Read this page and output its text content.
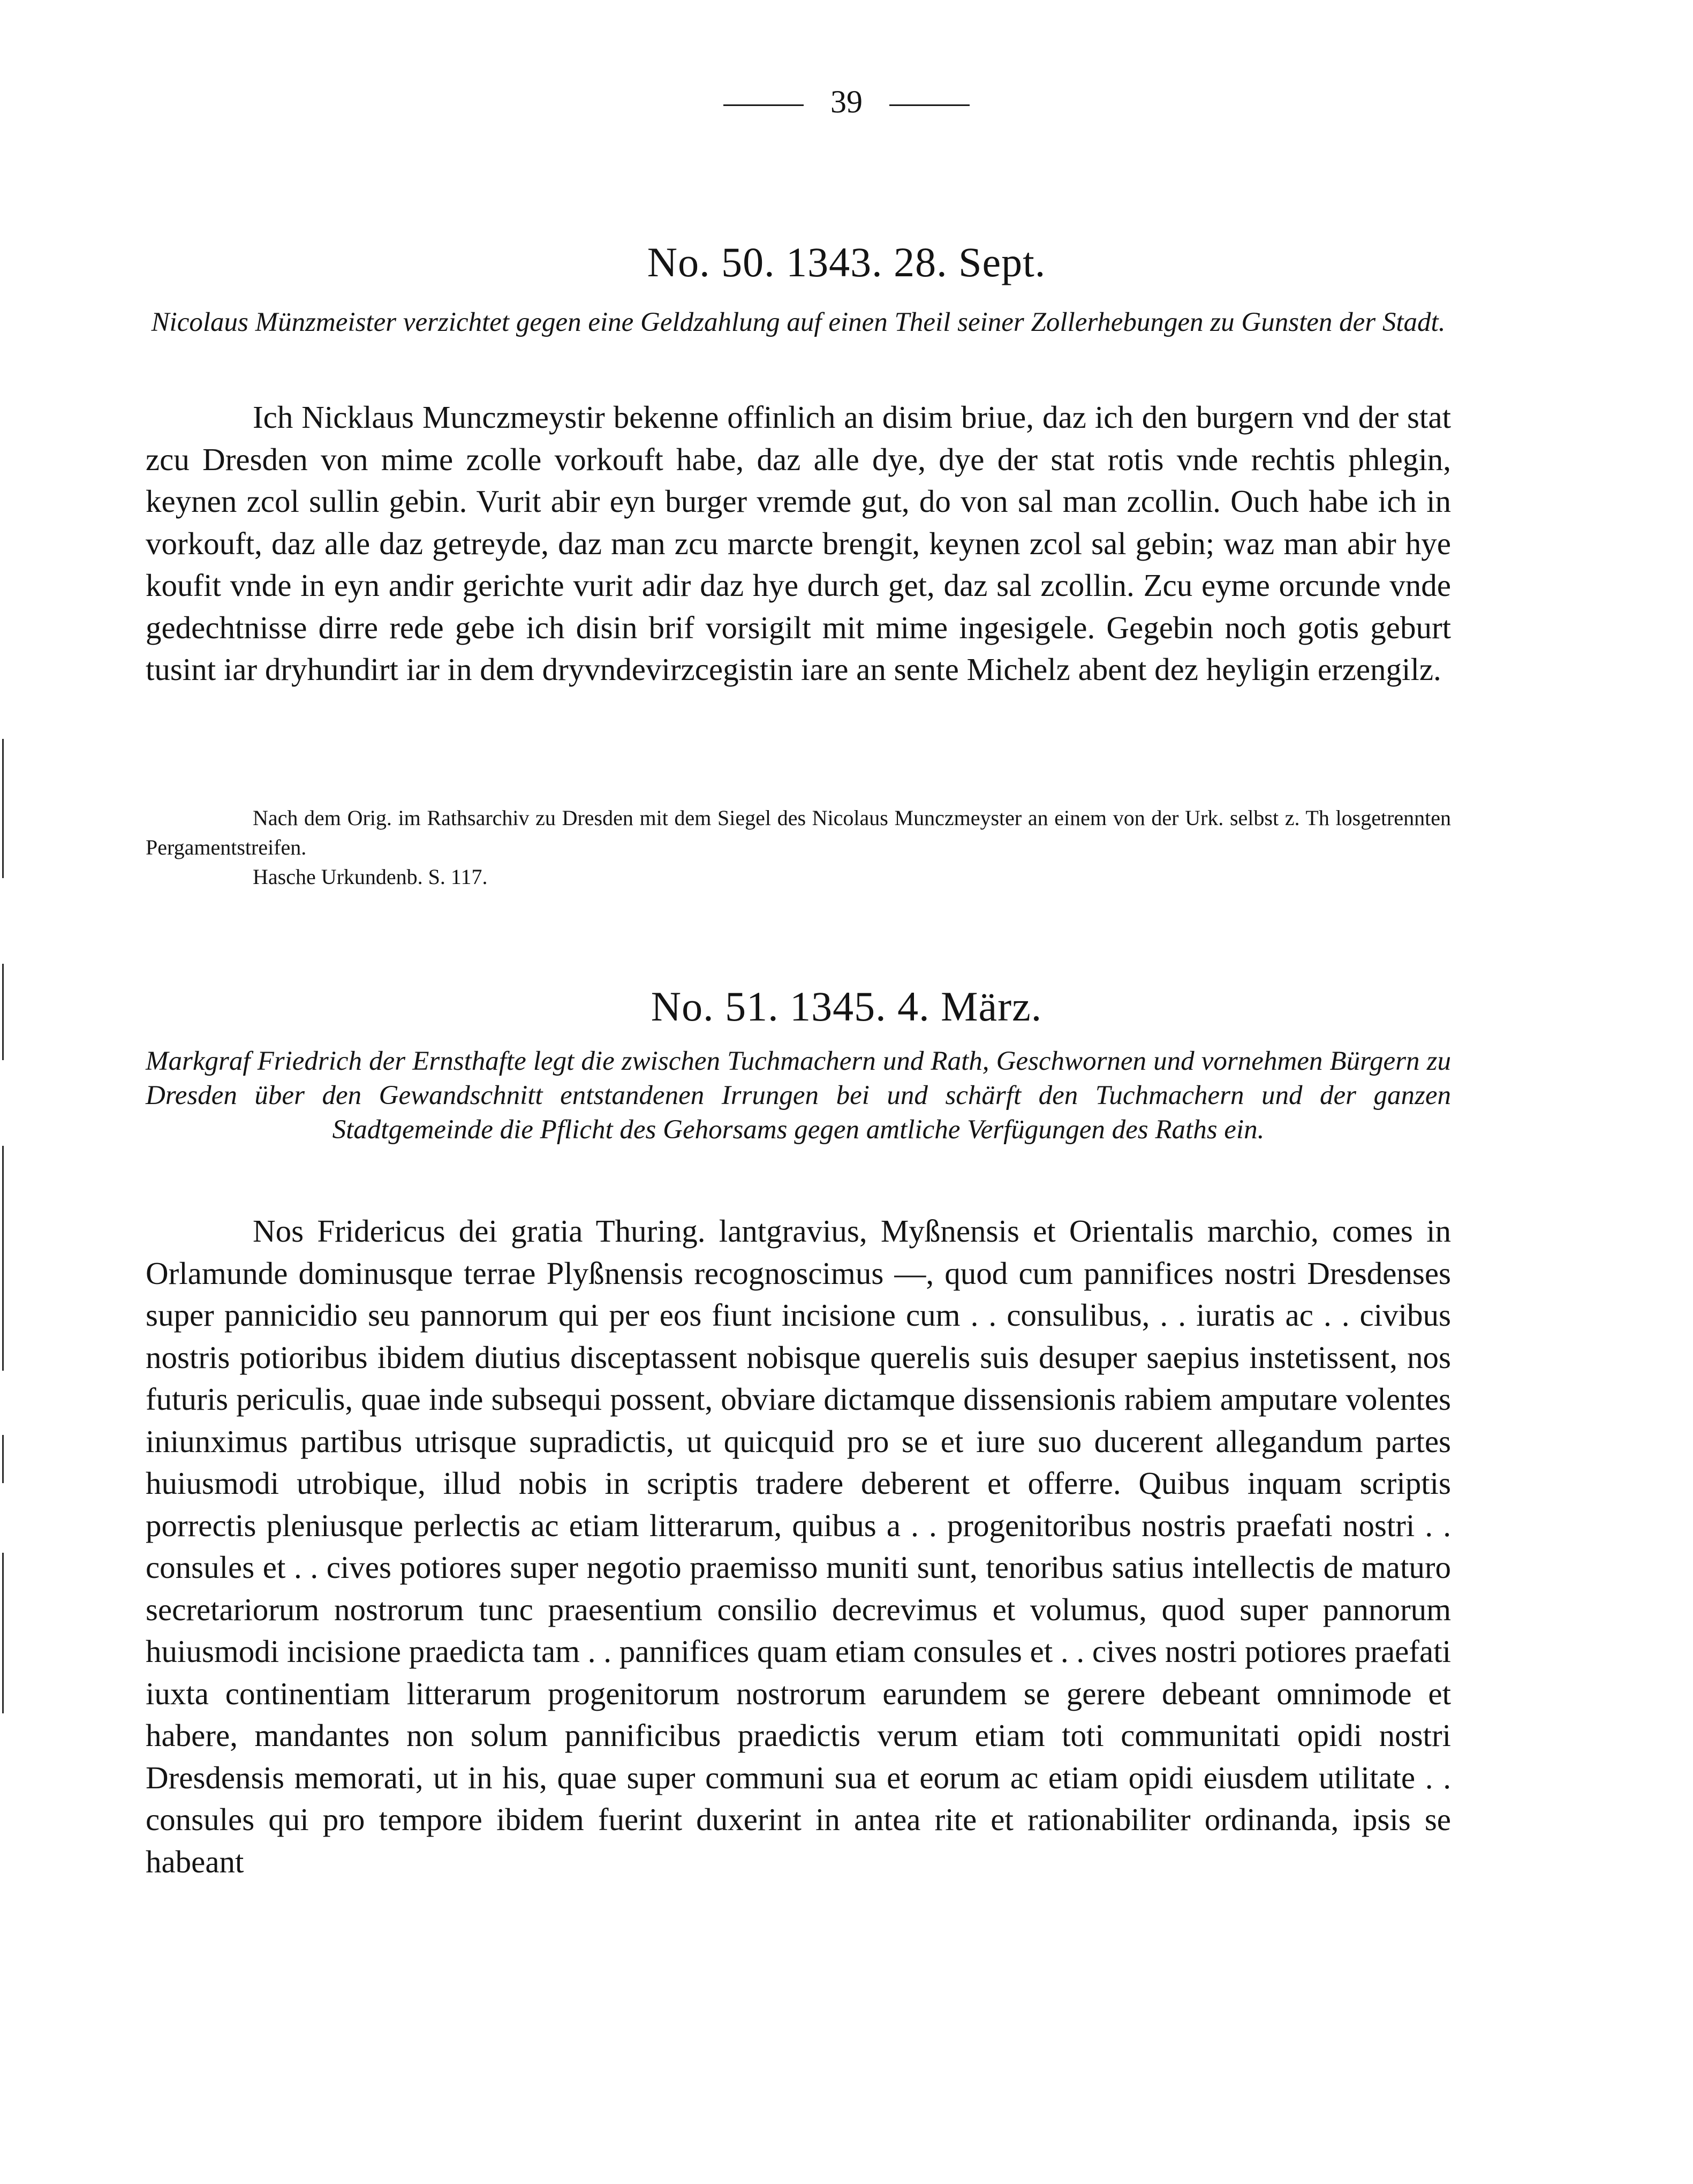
39
No. 50. 1343. 28. Sept.
Nicolaus Münzmeister verzichtet gegen eine Geldzahlung auf einen Theil seiner Zollerhebungen zu Gunsten der Stadt.
Ich Nicklaus Munczmeystir bekenne offinlich an disim briue, daz ich den burgern vnd der stat zcu Dresden von mime zcolle vorkouft habe, daz alle dye, dye der stat rotis vnde rechtis phlegin, keynen zcol sullin gebin. Vurit abir eyn burger vremde gut, do von sal man zcollin. Ouch habe ich in vorkouft, daz alle daz getreyde, daz man zcu marcte brengit, keynen zcol sal gebin; waz man abir hye koufit vnde in eyn andir gerichte vurit adir daz hye durch get, daz sal zcollin. Zcu eyme orcunde vnde gedechtnisse dirre rede gebe ich disin brif vorsigilt mit mime ingesigele. Gegebin noch gotis geburt tusint iar dryhundirt iar in dem dryvndevirzcegistin iare an sente Michelz abent dez heyligin erzengilz.

Nach dem Orig. im Rathsarchiv zu Dresden mit dem Siegel des Nicolaus Munczmeyster an einem von der Urk. selbst z. Th losgetrennten Pergamentstreifen.

Hasche Urkundenb. S. 117.

No. 51. 1345. 4. März.
Markgraf Friedrich der Ernsthafte legt die zwischen Tuchmachern und Rath, Geschwornen und vornehmen Bürgern zu Dresden über den Gewandschnitt entstandenen Irrungen bei und schärft den Tuchmachern und der ganzen Stadtgemeinde die Pflicht des Gehorsams gegen amtliche Verfügungen des Raths ein.
Nos Fridericus dei gratia Thuring. lantgravius, Myßnensis et Orientalis marchio, comes in Orlamunde dominusque terrae Plyßnensis recognoscimus —, quod cum pannifices nostri Dresdenses super pannicidio seu pannorum qui per eos fiunt incisione cum . . consulibus, . . iuratis ac . . civibus nostris potioribus ibidem diutius disceptassent nobisque querelis suis desuper saepius instetissent, nos futuris periculis, quae inde subsequi possent, obviare dictamque dissensionis rabiem amputare volentes iniunximus partibus utrisque supradictis, ut quicquid pro se et iure suo ducerent allegandum partes huiusmodi utrobique, illud nobis in scriptis tradere deberent et offerre. Quibus inquam scriptis porrectis pleniusque perlectis ac etiam litterarum, quibus a . . progenitoribus nostris praefati nostri . . consules et . . cives potiores super negotio praemisso muniti sunt, tenoribus satius intellectis de maturo secretariorum nostrorum tunc praesentium consilio decrevimus et volumus, quod super pannorum huiusmodi incisione praedicta tam . . pannifices quam etiam consules et . . cives nostri potiores praefati iuxta continentiam litterarum progenitorum nostrorum earundem se gerere debeant omnimode et habere, mandantes non solum pannificibus praedictis verum etiam toti communitati opidi nostri Dresdensis memorati, ut in his, quae super communi sua et eorum ac etiam opidi eiusdem utilitate . . consules qui pro tempore ibidem fuerint duxerint in antea rite et rationabiliter ordinanda, ipsis se habeant
